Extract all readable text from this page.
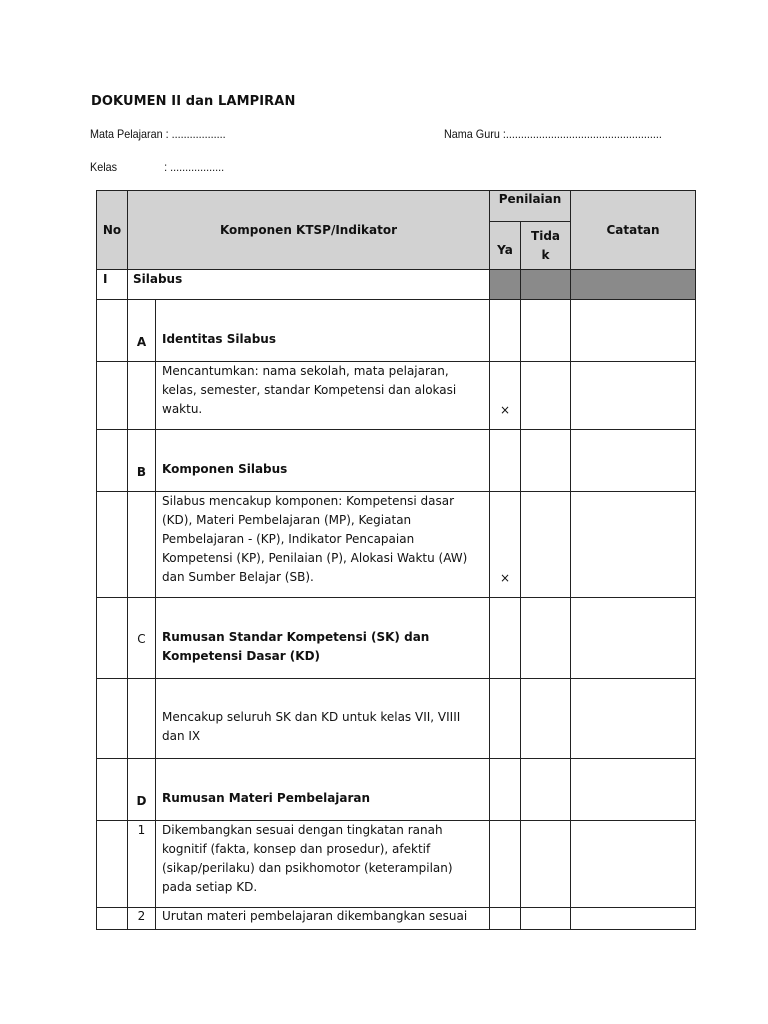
DOKUMEN II dan LAMPIRAN
Mata Pelajaran : ..................	Nama Guru :....................................................
Kelas	: ..................
No	Komponen KTSP/Indikator		Penilaian		Catatan
			Ya	Tida
k	

I	Silabus				
	A	Identitas Silabus			
		Mencantumkan: nama sekolah, mata pelajaran, kelas, semester, standar Kompetensi dan alokasi waktu.	×		
	B	Komponen Silabus			
		Silabus mencakup komponen: Kompetensi dasar (KD), Materi Pembelajaran (MP), Kegiatan Pembelajaran - (KP), Indikator Pencapaian Kompetensi (KP), Penilaian (P), Alokasi Waktu (AW) dan Sumber Belajar (SB).	×		
	C	Rumusan Standar Kompetensi (SK) dan Kompetensi Dasar (KD)			
		Mencakup seluruh SK dan KD untuk kelas VII, VIIII dan IX			
	D	Rumusan Materi Pembelajaran			
	1	Dikembangkan sesuai dengan tingkatan ranah kognitif (fakta, konsep dan prosedur), afektif (sikap/perilaku) dan psikhomotor (keterampilan) pada setiap KD.			
	2	Urutan materi pembelajaran dikembangkan sesuai			
